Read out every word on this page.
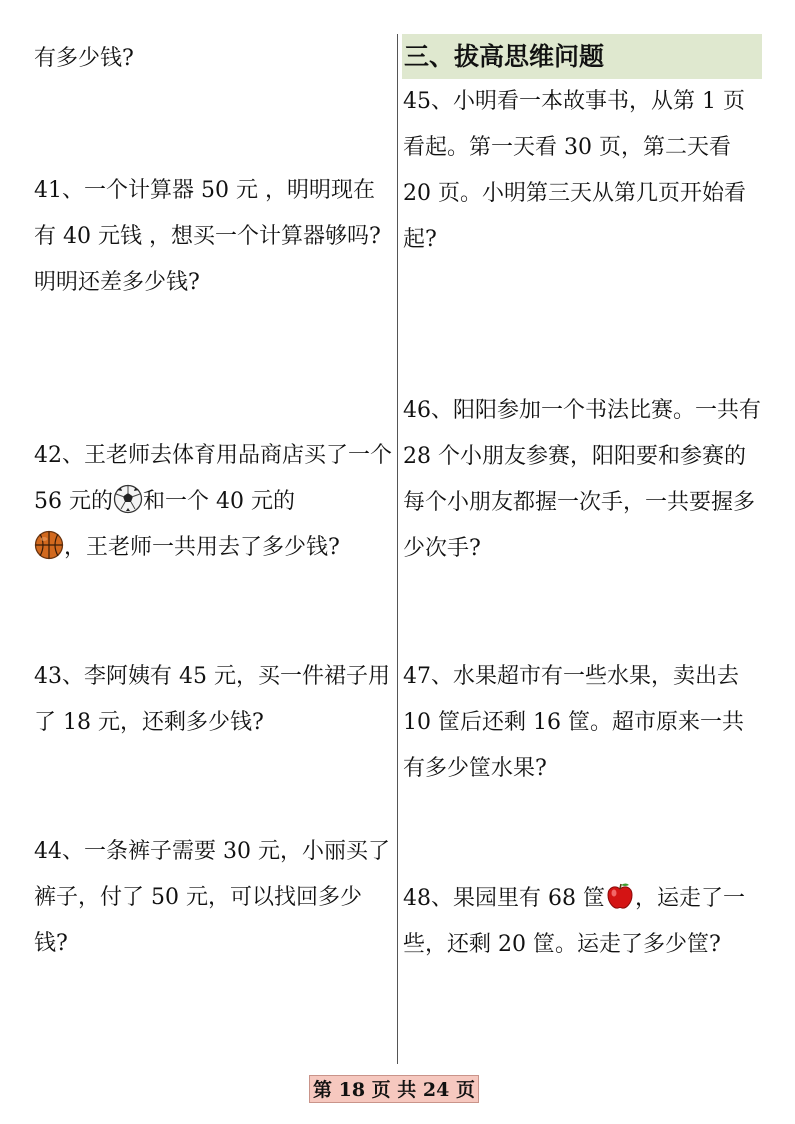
有多少钱?

41、一个计算器 50 元 ，明明现在有 40 元钱 ，想买一个计算器够吗? 明明还差多少钱?

42、王老师去体育用品商店买了一个 56 元的 和一个 40 元的
，王老师一共用去了多少钱?

43、李阿姨有 45 元，买一件裙子用了 18 元，还剩多少钱?

44、一条裤子需要 30 元，小丽买了裤子，付了 50 元，可以找回多少钱?

三、拔高思维问题

45、小明看一本故事书，从第 1 页看起。第一天看 30 页，第二天看 20 页。小明第三天从第几页开始看起?

46、阳阳参加一个书法比赛。一共有 28 个小朋友参赛，阳阳要和参赛的每个小朋友都握一次手，一共要握多少次手?

47、水果超市有一些水果，卖出去 10 筐后还剩 16 筐。超市原来一共有多少筐水果?

48、果园里有 68 筐 ，运走了一些，还剩 20 筐。运走了多少筐?

第 18 页 共 24 页
